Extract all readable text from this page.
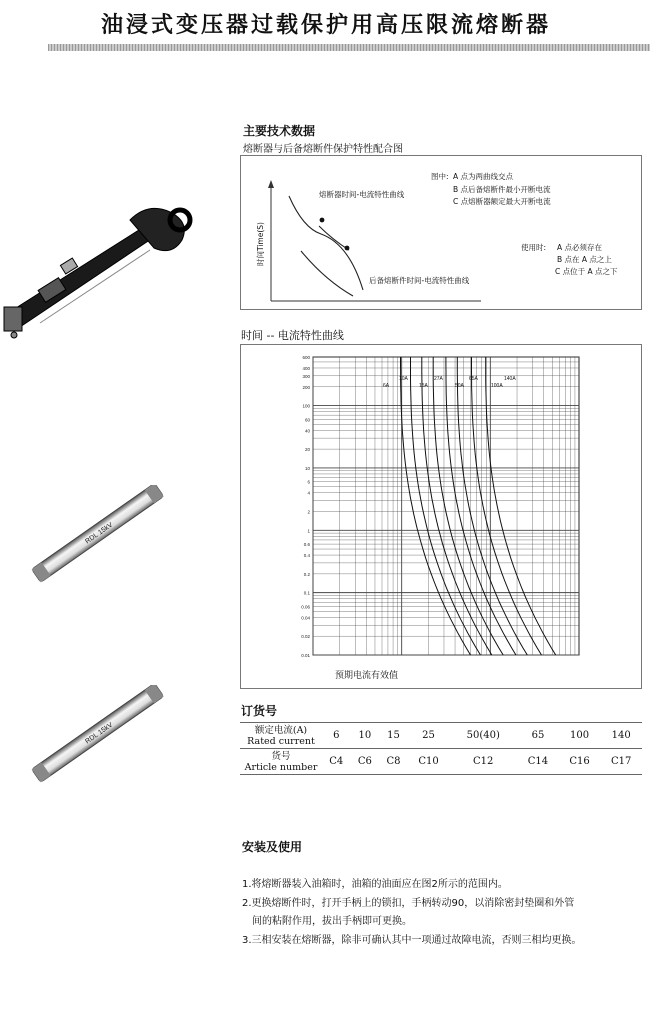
油浸式变压器过载保护用高压限流熔断器
RDL 15kV
RDL 15kV
主要技术数据
熔断器与后备熔断件保护特性配合图
时间Time(S)
熔断器时间-电流特性曲线
后备熔断件时间-电流特性曲线
图中: A 点为两曲线交点
B 点后备熔断件最小开断电流
C 点熔断器额定最大开断电流
使用时: A 点必须存在
B 点在 A 点之上
C 点位于 A 点之下
时间 -- 电流特性曲线
600
400
300
200
100
60
40
20
10
6
4
2
1
0.6
0.4
0.2
0.1
0.06
0.04
0.02
0.01
10A	27A	65A	140A
6A	15A	50A	100A
预期电流有效值
订货号
额定电流(A)
Rated current	6	10	15	25	50(40)	65	100	140

货号
Article number	C4	C6	C8	C10	C12	C14	C16	C17
安装及使用
1.将熔断器装入油箱时，油箱的油面应在图2所示的范围内。
2.更换熔断件时，打开手柄上的锁扣，手柄转动90，以消除密封垫圈和外管
间的粘附作用，拔出手柄即可更换。
3.三相安装在熔断器，除非可确认其中一项通过故障电流，否则三相均更换。
